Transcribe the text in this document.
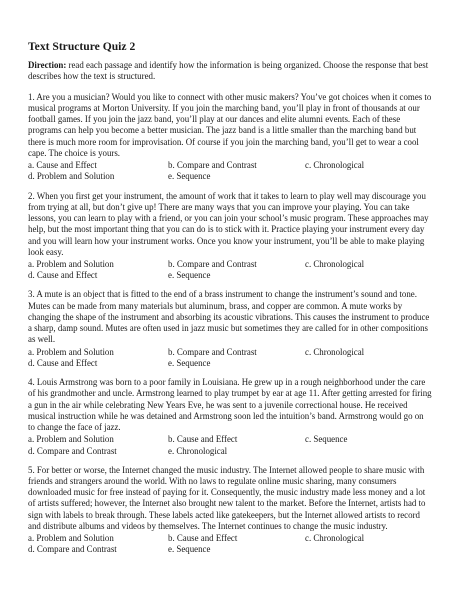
Text Structure Quiz 2

Direction: read each passage and identify how the information is being organized. Choose the response that best describes how the text is structured.

1. Are you a musician? Would you like to connect with other music makers? You’ve got choices when it comes to musical programs at Morton University. If you join the marching band, you’ll play in front of thousands at our football games. If you join the jazz band, you’ll play at our dances and elite alumni events. Each of these programs can help you become a better musician. The jazz band is a little smaller than the marching band but there is much more room for improvisation. Of course if you join the marching band, you’ll get to wear a cool cape. The choice is yours.

a. Cause and Effect	b. Compare and Contrast	c. Chronological
d. Problem and Solution	e. Sequence

2. When you first get your instrument, the amount of work that it takes to learn to play well may discourage you from trying at all, but don’t give up! There are many ways that you can improve your playing. You can take lessons, you can learn to play with a friend, or you can join your school’s music program. These approaches may help, but the most important thing that you can do is to stick with it. Practice playing your instrument every day and you will learn how your instrument works. Once you know your instrument, you’ll be able to make playing look easy.

a. Problem and Solution	b. Compare and Contrast	c. Chronological
d. Cause and Effect	e. Sequence

3. A mute is an object that is fitted to the end of a brass instrument to change the instrument’s sound and tone. Mutes can be made from many materials but aluminum, brass, and copper are common. A mute works by changing the shape of the instrument and absorbing its acoustic vibrations. This causes the instrument to produce a sharp, damp sound. Mutes are often used in jazz music but sometimes they are called for in other compositions as well.

a. Problem and Solution	b. Compare and Contrast	c. Chronological
d. Cause and Effect	e. Sequence

4. Louis Armstrong was born to a poor family in Louisiana. He grew up in a rough neighborhood under the care of his grandmother and uncle. Armstrong learned to play trumpet by ear at age 11. After getting arrested for firing a gun in the air while celebrating New Years Eve, he was sent to a juvenile correctional house. He received musical instruction while he was detained and Armstrong soon led the intuition’s band. Armstrong would go on to change the face of jazz.

a. Problem and Solution	b. Cause and Effect	c. Sequence
d. Compare and Contrast	e. Chronological

5. For better or worse, the Internet changed the music industry. The Internet allowed people to share music with friends and strangers around the world. With no laws to regulate online music sharing, many consumers downloaded music for free instead of paying for it. Consequently, the music industry made less money and a lot of artists suffered; however, the Internet also brought new talent to the market. Before the Internet, artists had to sign with labels to break through. These labels acted like gatekeepers, but the Internet allowed artists to record and distribute albums and videos by themselves. The Internet continues to change the music industry.

a. Problem and Solution	b. Cause and Effect	c. Chronological
d. Compare and Contrast	e. Sequence
